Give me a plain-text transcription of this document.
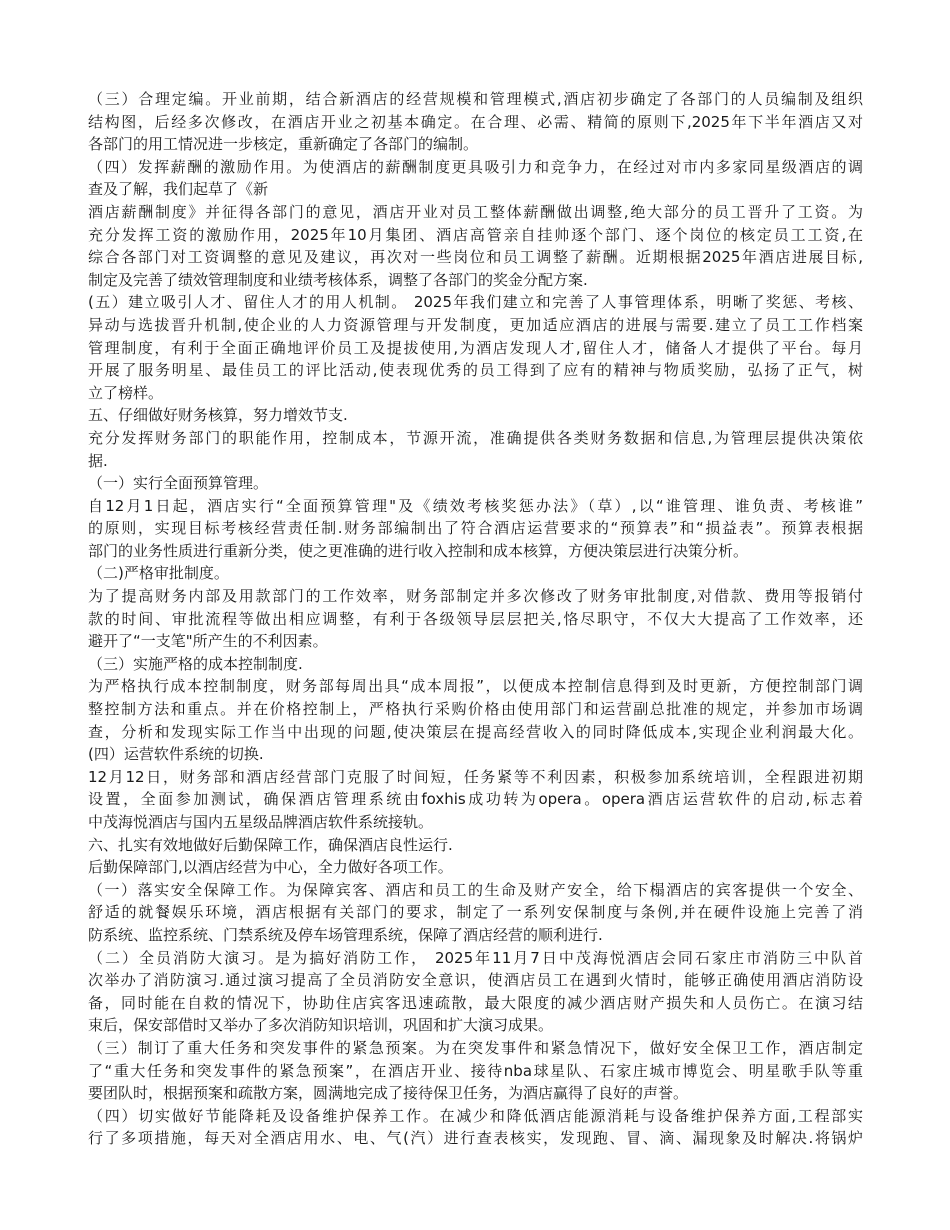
（三）合理定编。开业前期，结合新酒店的经营规模和管理模式,酒店初步确定了各部门的人员编制及组织
结构图，后经多次修改，在酒店开业之初基本确定。在合理、必需、精简的原则下,2025年下半年酒店又对
各部门的用工情况进一步核定，重新确定了各部门的编制。
（四）发挥薪酬的激励作用。为使酒店的薪酬制度更具吸引力和竞争力，在经过对市内多家同星级酒店的调
查及了解，我们起草了《新
酒店薪酬制度》并征得各部门的意见，酒店开业对员工整体薪酬做出调整,绝大部分的员工晋升了工资。为
充分发挥工资的激励作用，2025年10月集团、酒店高管亲自挂帅逐个部门、逐个岗位的核定员工工资,在
综合各部门对工资调整的意见及建议，再次对一些岗位和员工调整了薪酬。近期根据2025年酒店进展目标,
制定及完善了绩效管理制度和业绩考核体系，调整了各部门的奖金分配方案.
(五）建立吸引人才、留住人才的用人机制。 2025年我们建立和完善了人事管理体系，明晰了奖惩、考核、
异动与选拔晋升机制,使企业的人力资源管理与开发制度，更加适应酒店的进展与需要.建立了员工工作档案
管理制度，有利于全面正确地评价员工及提拔使用,为酒店发现人才,留住人才，储备人才提供了平台。每月
开展了服务明星、最佳员工的评比活动,使表现优秀的员工得到了应有的精神与物质奖励，弘扬了正气，树
立了榜样。
五、仔细做好财务核算，努力增效节支.
充分发挥财务部门的职能作用，控制成本，节源开流，准确提供各类财务数据和信息,为管理层提供决策依
据.
（一）实行全面预算管理。
自12月1日起，酒店实行“全面预算管理"及《绩效考核奖惩办法》（草）,以“谁管理、谁负责、考核谁”
的原则，实现目标考核经营责任制.财务部编制出了符合酒店运营要求的“预算表”和“损益表”。预算表根据
部门的业务性质进行重新分类，使之更准确的进行收入控制和成本核算，方便决策层进行决策分析。
（二)严格审批制度。
为了提高财务内部及用款部门的工作效率，财务部制定并多次修改了财务审批制度,对借款、费用等报销付
款的时间、审批流程等做出相应调整，有利于各级领导层层把关,恪尽职守，不仅大大提高了工作效率，还
避开了“一支笔"所产生的不利因素。
（三）实施严格的成本控制制度.
为严格执行成本控制制度，财务部每周出具“成本周报”，以便成本控制信息得到及时更新，方便控制部门调
整控制方法和重点。并在价格控制上，严格执行采购价格由使用部门和运营副总批准的规定，并参加市场调
查，分析和发现实际工作当中出现的问题,使决策层在提高经营收入的同时降低成本,实现企业利润最大化。
(四）运营软件系统的切换.
12月12日，财务部和酒店经营部门克服了时间短，任务紧等不利因素，积极参加系统培训，全程跟进初期
设置，全面参加测试，确保酒店管理系统由foxhis成功转为opera。opera酒店运营软件的启动,标志着
中茂海悦酒店与国内五星级品牌酒店软件系统接轨。
六、扎实有效地做好后勤保障工作，确保酒店良性运行.
后勤保障部门,以酒店经营为中心，全力做好各项工作。
（一）落实安全保障工作。为保障宾客、酒店和员工的生命及财产安全，给下榻酒店的宾客提供一个安全、
舒适的就餐娱乐环境，酒店根据有关部门的要求，制定了一系列安保制度与条例,并在硬件设施上完善了消
防系统、监控系统、门禁系统及停车场管理系统，保障了酒店经营的顺利进行.
（二）全员消防大演习。是为搞好消防工作， 2025年11月7日中茂海悦酒店会同石家庄市消防三中队首
次举办了消防演习.通过演习提高了全员消防安全意识，使酒店员工在遇到火情时，能够正确使用酒店消防设
备，同时能在自救的情况下，协助住店宾客迅速疏散，最大限度的减少酒店财产损失和人员伤亡。在演习结
束后，保安部借时又举办了多次消防知识培训，巩固和扩大演习成果。
（三）制订了重大任务和突发事件的紧急预案。为在突发事件和紧急情况下，做好安全保卫工作，酒店制定
了“重大任务和突发事件的紧急预案”，在酒店开业、接待nba球星队、石家庄城市博览会、明星歌手队等重
要团队时，根据预案和疏散方案，圆满地完成了接待保卫任务，为酒店赢得了良好的声誉。
（四）切实做好节能降耗及设备维护保养工作。在减少和降低酒店能源消耗与设备维护保养方面,工程部实
行了多项措施，每天对全酒店用水、电、气(汽）进行查表核实，发现跑、冒、滴、漏现象及时解决.将锅炉
